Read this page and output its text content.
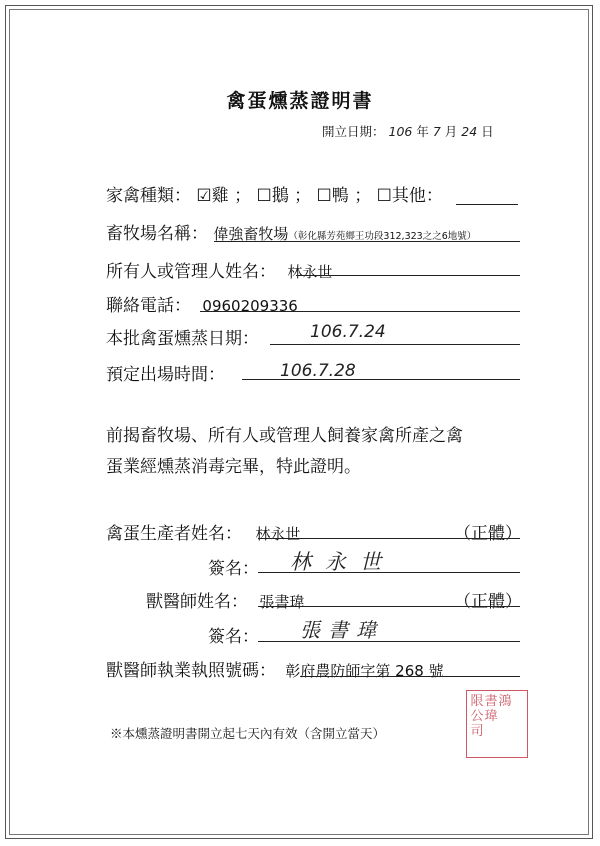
禽蛋燻蒸證明書
開立日期： 106 年 7 月 24 日
家禽種類： ☑雞 ； ☐鵝 ； ☐鴨 ； ☐其他：
畜牧場名稱： 偉強畜牧場（彰化縣芳苑鄉王功段312,323之之6地號）
所有人或管理人姓名： 林永世
聯絡電話： 0960209336
本批禽蛋燻蒸日期：	106.7.24
預定出場時間：	106.7.28
前揭畜牧場、所有人或管理人飼養家禽所產之禽
蛋業經燻蒸消毒完畢，特此證明。
禽蛋生產者姓名： 林永世	（正體）
簽名： 林永世
獸醫師姓名： 張書瑋	（正體）
簽名： 張書瑋
獸醫師執業執照號碼： 彰府農防師字第 268 號
※本燻蒸證明書開立起七天內有效（含開立當天）
限書鴻
公瑋
司
